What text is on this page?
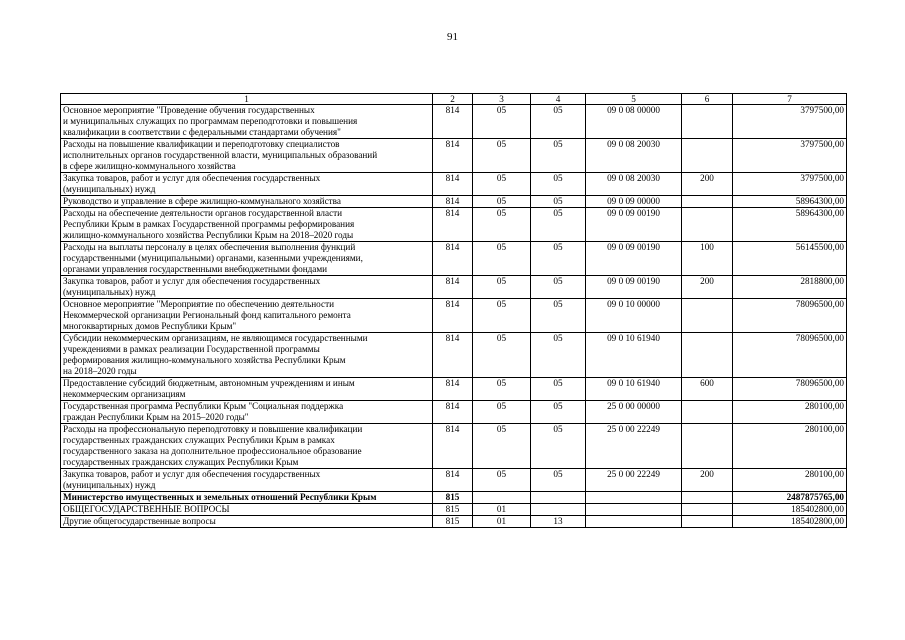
91
1	2	3	4	5	6	7
Основное мероприятие "Проведение обучения государственных
и муниципальных служащих по программам переподготовки и повышения
квалификации в соответствии с федеральными стандартами обучения"	814	05	05	09 0 08 00000		3797500,00
Расходы на повышение квалификации и переподготовку специалистов
исполнительных органов государственной власти, муниципальных образований
в сфере жилищно-коммунального хозяйства	814	05	05	09 0 08 20030		3797500,00
Закупка товаров, работ и услуг для обеспечения государственных
(муниципальных) нужд	814	05	05	09 0 08 20030	200	3797500,00
Руководство и управление в сфере жилищно-коммунального хозяйства	814	05	05	09 0 09 00000		58964300,00
Расходы на обеспечение деятельности органов государственной власти
Республики Крым в рамках Государственной программы реформирования
жилищно-коммунального хозяйства Республики Крым на 2018–2020 годы	814	05	05	09 0 09 00190		58964300,00
Расходы на выплаты персоналу в целях обеспечения выполнения функций
государственными (муниципальными) органами, казенными учреждениями,
органами управления государственными внебюджетными фондами	814	05	05	09 0 09 00190	100	56145500,00
Закупка товаров, работ и услуг для обеспечения государственных
(муниципальных) нужд	814	05	05	09 0 09 00190	200	2818800,00
Основное мероприятие "Мероприятие по обеспечению деятельности
Некоммерческой организации Региональный фонд капитального ремонта
многоквартирных домов Республики Крым"	814	05	05	09 0 10 00000		78096500,00
Субсидии некоммерческим организациям, не являющимся государственными
учреждениями в рамках реализации Государственной программы
реформирования жилищно-коммунального хозяйства Республики Крым
на 2018–2020 годы	814	05	05	09 0 10 61940		78096500,00
Предоставление субсидий бюджетным, автономным учреждениям и иным
некоммерческим организациям	814	05	05	09 0 10 61940	600	78096500,00
Государственная программа Республики Крым "Социальная поддержка
граждан Республики Крым на 2015–2020 годы"	814	05	05	25 0 00 00000		280100,00
Расходы на профессиональную переподготовку и повышение квалификации
государственных гражданских служащих Республики Крым в рамках
государственного заказа на дополнительное профессиональное образование
государственных гражданских служащих Республики Крым	814	05	05	25 0 00 22249		280100,00
Закупка товаров, работ и услуг для обеспечения государственных
(муниципальных) нужд	814	05	05	25 0 00 22249	200	280100,00
Министерство имущественных и земельных отношений Республики Крым	815					2487875765,00
ОБЩЕГОСУДАРСТВЕННЫЕ ВОПРОСЫ	815	01				185402800,00
Другие общегосударственные вопросы	815	01	13			185402800,00
